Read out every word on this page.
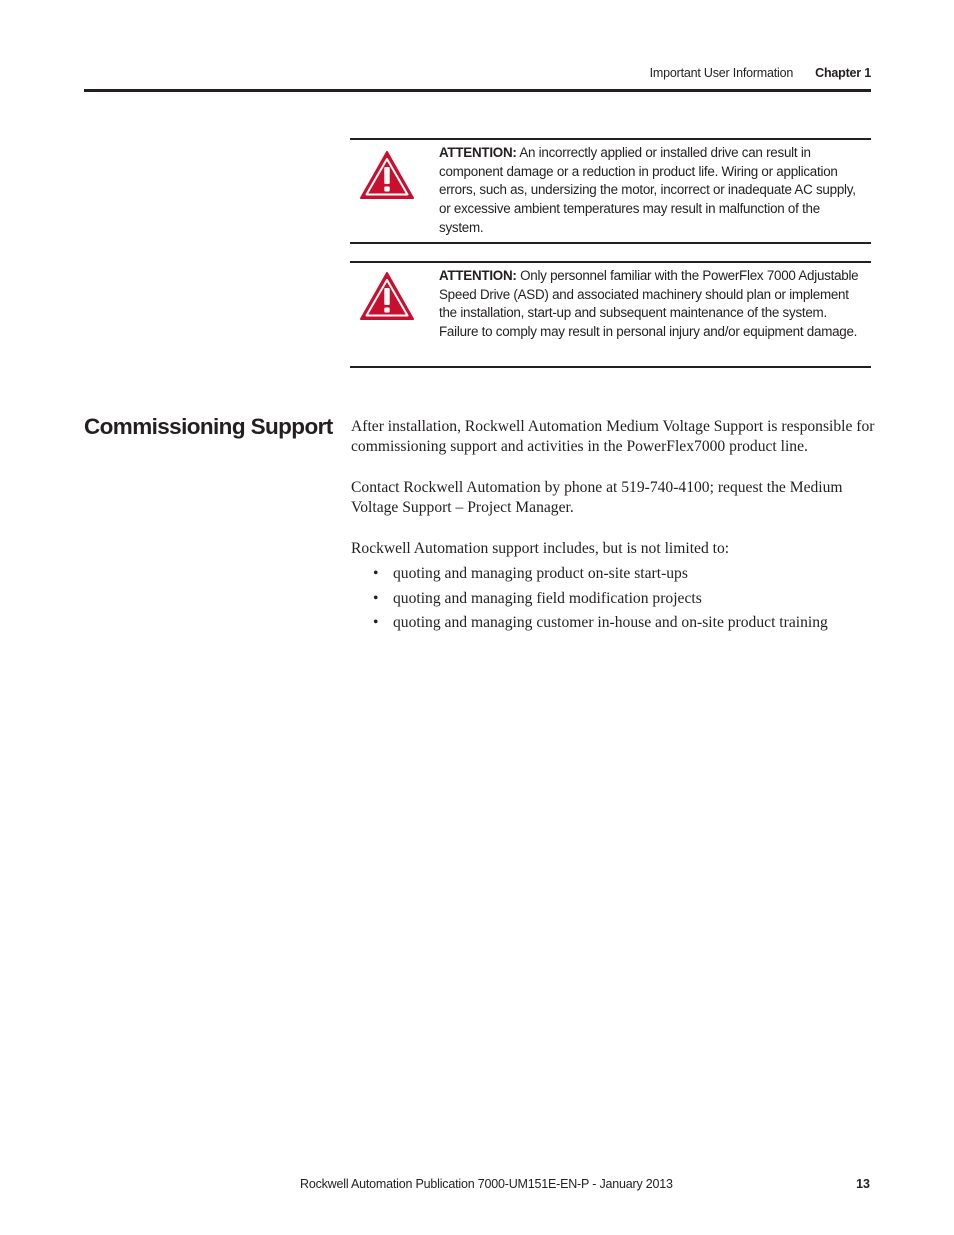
Important User Information Chapter 1
ATTENTION: An incorrectly applied or installed drive can result in component damage or a reduction in product life. Wiring or application errors, such as, undersizing the motor, incorrect or inadequate AC supply, or excessive ambient temperatures may result in malfunction of the system.
ATTENTION: Only personnel familiar with the PowerFlex 7000 Adjustable Speed Drive (ASD) and associated machinery should plan or implement the installation, start-up and subsequent maintenance of the system. Failure to comply may result in personal injury and/or equipment damage.
Commissioning Support After installation, Rockwell Automation Medium Voltage Support is responsible for commissioning support and activities in the PowerFlex7000 product line.
Contact Rockwell Automation by phone at 519-740-4100; request the Medium Voltage Support – Project Manager.
Rockwell Automation support includes, but is not limited to:
• quoting and managing product on-site start-ups
• quoting and managing field modification projects
• quoting and managing customer in-house and on-site product training
Rockwell Automation Publication 7000-UM151E-EN-P - January 2013	13
